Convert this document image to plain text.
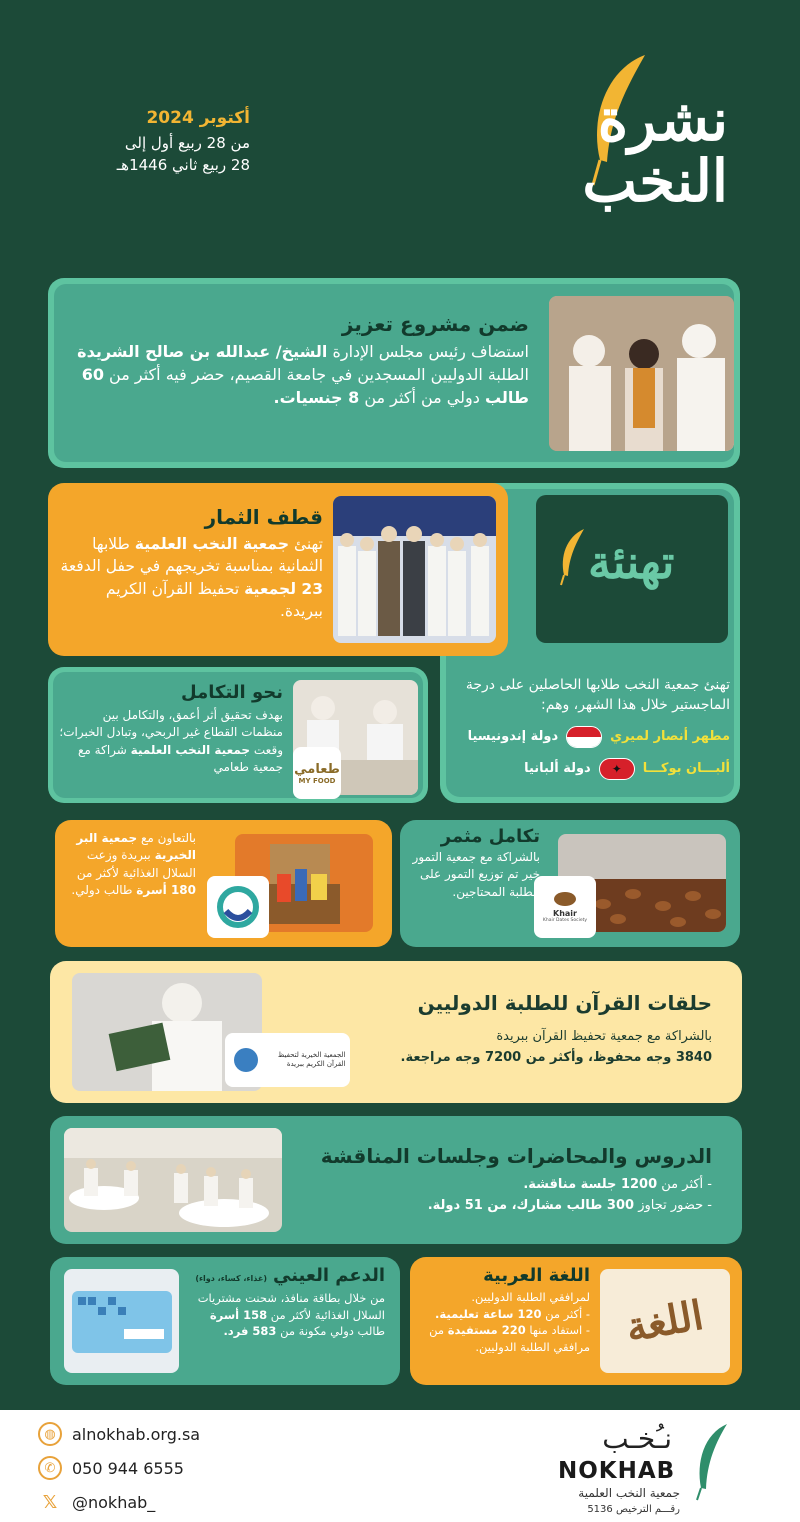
نشرة
النخب
أكتوبر 2024
من 28 ربيع أول إلى
28 ربيع ثاني 1446هـ
ضمن مشروع تعزيز

استضاف رئيس مجلس الإدارة الشيخ/ عبدالله بن صالح الشريدة الطلبة الدوليين المسجدين في جامعة القصيم، حضر فيه أكثر من 60 طالب دولي من أكثر من 8 جنسيات.

تهنئة

تهنئ جمعية النخب طلابها الحاصلين على درجة الماجستير خلال هذا الشهر، وهم:

مطهر أنصار لميري
دولة إندونيسيا
ألبـــان بوكـــا
✦
دولة ألبانيا
قطف الثمار

تهنئ جمعية النخب العلمية طلابها الثمانية بمناسبة تخريجهم في حفل الدفعة 23 لجمعية تحفيظ القرآن الكريم ببريدة.

طعامي
MY FOOD
نحو التكامل

بهدف تحقيق أثر أعمق، والتكامل بين منظمات القطاع غير الربحي، وتبادل الخبرات؛ وقعت جمعية النخب العلمية شراكة مع جمعية طعامي

بالتعاون مع جمعية البر الخيرية ببريدة وزعت السلال الغذائية لأكثر من 180 أسرة طالب دولي.

Khair
Khair Dates Society
تكامل مثمر

بالشراكة مع جمعية التمور خير تم توزيع التمور على الطلبة المحتاجين.

الجمعية الخيرية لتحفيظ القرآن الكريم ببريدة
حلقات القرآن للطلبة الدوليين

بالشراكة مع جمعية تحفيظ القرآن ببريدة

3840 وجه محفوظ، وأكثر من 7200 وجه مراجعة.

الدروس والمحاضرات وجلسات المناقشة

- أكثر من 1200 جلسة مناقشة.

- حضور تجاوز 300 طالب مشارك، من 51 دولة.

الدعم العيني
(غذاء، كساء، دواء)

من خلال بطاقة منافذ، شحنت مشتريات السلال الغذائية لأكثر من 158 أسرة طالب دولي مكونة من 583 فرد.	اللغة
اللغة العربية

لمرافقي الطلبة الدوليين.

- أكثر من 120 ساعة تعليمية.

- استفاد منها 220 مستفيدة من مرافقي الطلبة الدوليين.

◍	alnokhab.org.sa
✆	050 944 6555
𝕏 @nokhab_
نـُخـب
NOKHAB
جمعية النخب العلمية
رقـــم الترخيص 5136
